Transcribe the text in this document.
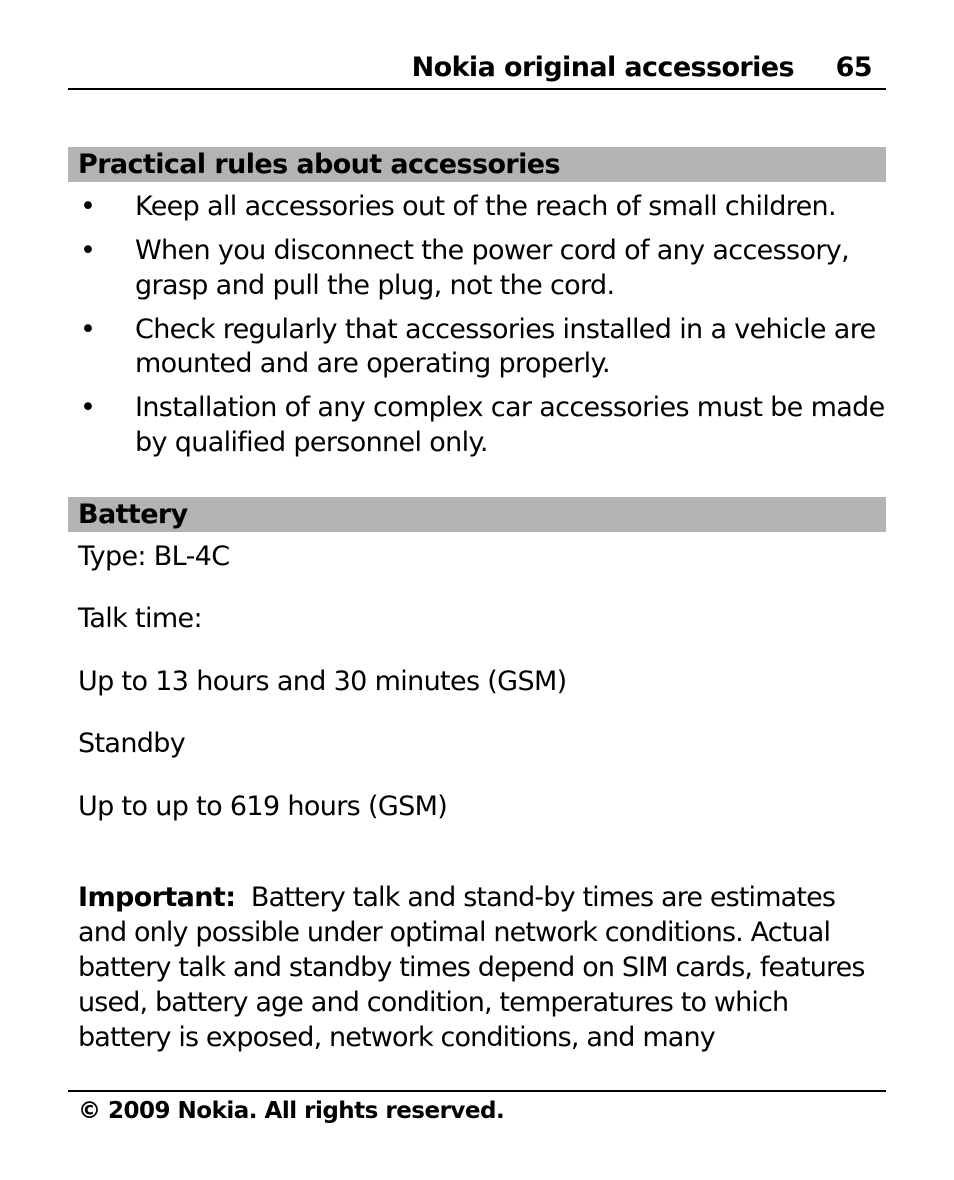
Nokia original accessories 65
Practical rules about accessories
• Keep all accessories out of the reach of small children.
• When you disconnect the power cord of any accessory, grasp and pull the plug, not the cord.
• Check regularly that accessories installed in a vehicle are mounted and are operating properly.
• Installation of any complex car accessories must be made by qualified personnel only.
Battery
Type: BL-4C
Talk time:
Up to 13 hours and 30 minutes (GSM)
Standby
Up to up to 619 hours (GSM)

Important: Battery talk and stand-by times are estimates and only possible under optimal network conditions. Actual battery talk and standby times depend on SIM cards, features used, battery age and condition, temperatures to which battery is exposed, network conditions, and many

© 2009 Nokia. All rights reserved.
